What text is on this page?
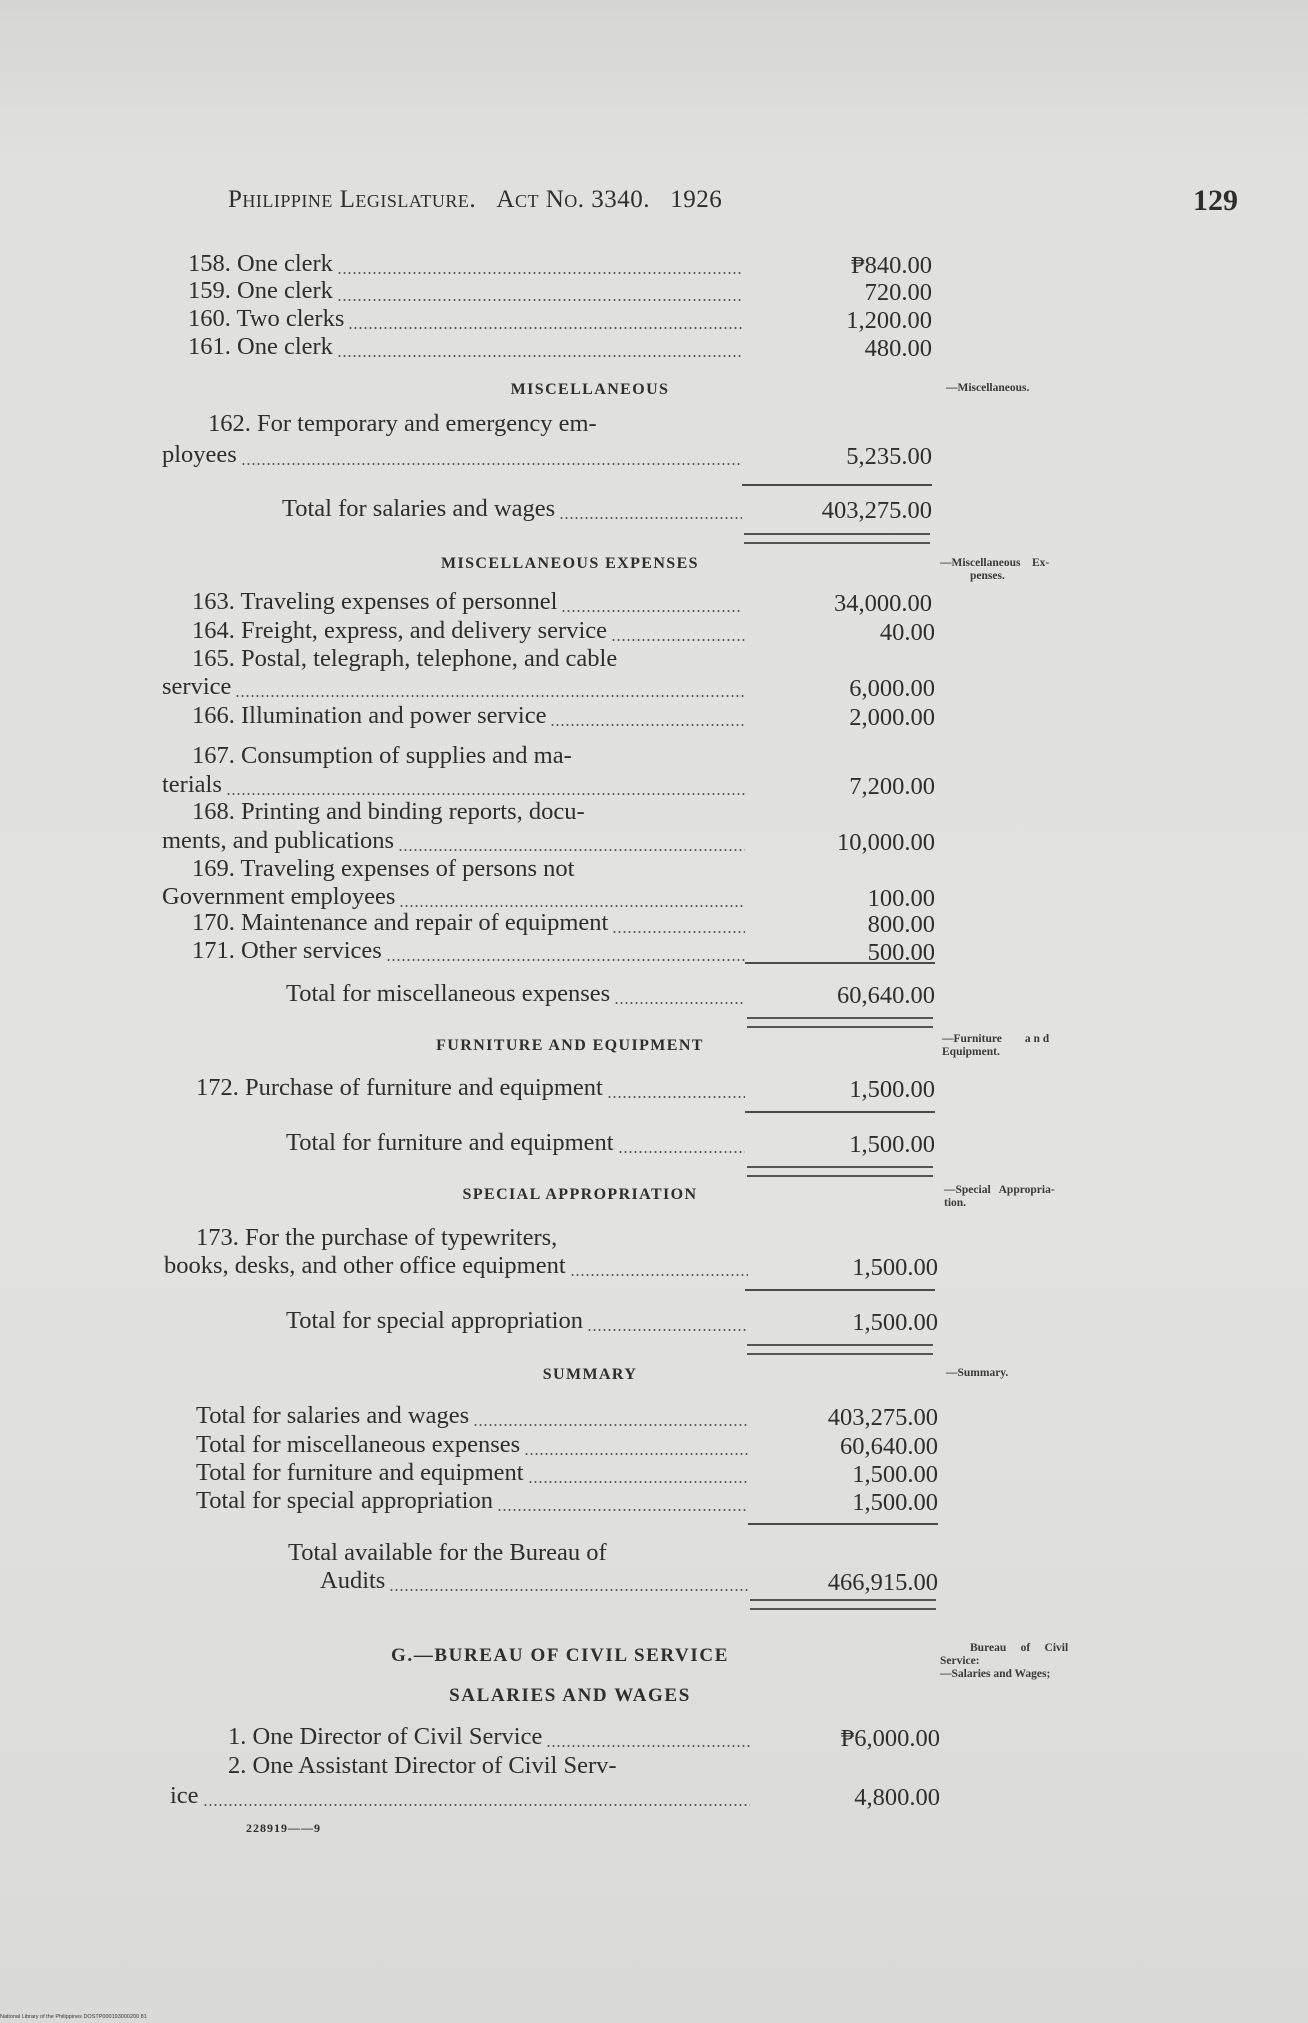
Philippine Legislature. Act No. 3340. 1926	129
MISCELLANEOUS
MISCELLANEOUS EXPENSES
FURNITURE AND EQUIPMENT
SPECIAL APPROPRIATION
SUMMARY
G.—BUREAU OF CIVIL SERVICE
SALARIES AND WAGES
—Miscellaneous.
—Miscellaneous    Ex-
penses.
—Furniture        a n d
Equipment.
—Special   Appropria-
tion.
—Summary.
Bureau     of     Civil
Service:
—Salaries and Wages;
228919——9
158. One clerk	₱840.00
159. One clerk	720.00
160. Two clerks	1,200.00
161. One clerk	480.00
162. For temporary and emergency em-
ployees	5,235.00
Total for salaries and wages	403,275.00
163. Traveling expenses of personnel	34,000.00
164. Freight, express, and delivery service	40.00
165. Postal, telegraph, telephone, and cable
service	6,000.00
166. Illumination and power service	2,000.00
167. Consumption of supplies and ma-
terials	7,200.00
168. Printing and binding reports, docu-
ments, and publications	10,000.00
169. Traveling expenses of persons not
Government employees	100.00
170. Maintenance and repair of equipment	800.00
171. Other services	500.00
Total for miscellaneous expenses	60,640.00
172. Purchase of furniture and equipment	1,500.00
Total for furniture and equipment	1,500.00
173. For the purchase of typewriters,
books, desks, and other office equipment	1,500.00
Total for special appropriation	1,500.00
Total for salaries and wages	403,275.00
Total for miscellaneous expenses	60,640.00
Total for furniture and equipment	1,500.00
Total for special appropriation	1,500.00
Total available for the Bureau of
Audits	466,915.00
1. One Director of Civil Service	₱6,000.00
2. One Assistant Director of Civil Serv-
ice	4,800.00
National Library of the Philippines DOSTP000193000200 81
